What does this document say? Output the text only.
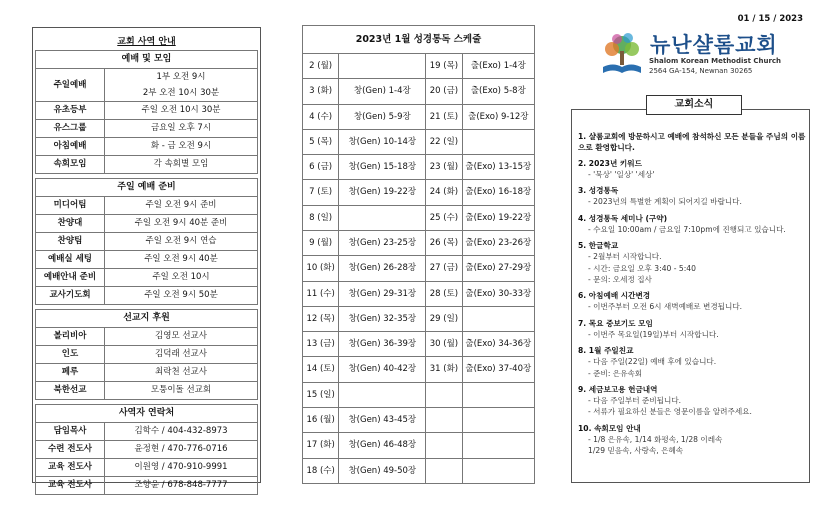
01 / 15 / 2023
교회 사역 안내
예배 및 모임	
주일예배	1부 오전 9시
2부 오전 10시 30분

유초등부	주일 오전 10시 30분

유스그룹	금요일 오후 7시

아침예배	화 - 금 오전 9시

속회모임	각 속회별 모임
주일 예배 준비	
미디어팀	주일 오전 9시 준비

찬양대	주일 오전 9시 40분 준비

찬양팀	주일 오전 9시 연습

예배실 세팅	주일 오전 9시 40분

예배안내 준비	주일 오전 10시

교사기도회	주일 오전 9시 50분
선교지 후원	
볼리비아	김영모 선교사

인도	김덕래 선교사

페루	최락천 선교사

북한선교	모퉁이돌 선교회
사역자 연락처	
담임목사	김학수 / 404-432-8973

수련 전도사	윤정현 / 470-776-0716

교육 전도사	이원영 / 470-910-9991

교육 전도사	조향윤 / 678-848-7777
2023년 1월 성경통독 스케줄			
2 (월)		19 (목)	출(Exo) 1-4장
3 (화)	창(Gen) 1-4장	20 (금)	출(Exo) 5-8장
4 (수)	창(Gen) 5-9장	21 (토)	출(Exo) 9-12장
5 (목)	창(Gen) 10-14장	22 (일)	
6 (금)	창(Gen) 15-18장	23 (월)	출(Exo) 13-15장
7 (토)	창(Gen) 19-22장	24 (화)	출(Exo) 16-18장
8 (일)		25 (수)	출(Exo) 19-22장
9 (월)	창(Gen) 23-25장	26 (목)	출(Exo) 23-26장
10 (화)	창(Gen) 26-28장	27 (금)	출(Exo) 27-29장
11 (수)	창(Gen) 29-31장	28 (토)	출(Exo) 30-33장
12 (목)	창(Gen) 32-35장	29 (일)	
13 (금)	창(Gen) 36-39장	30 (월)	출(Exo) 34-36장
14 (토)	창(Gen) 40-42장	31 (화)	출(Exo) 37-40장
15 (일)			
16 (월)	창(Gen) 43-45장		
17 (화)	창(Gen) 46-48장		
18 (수)	창(Gen) 49-50장		
뉴난샬롬교회
Shalom Korean Methodist Church
2564 GA-154, Newnan 30265
1. 샬롬교회에 방문하시고 예배에 참석하신 모든 분들을 주님의 이름으로 환영합니다.
2. 2023년 키워드
- '묵상' '일상' '세상'
3. 성경통독
- 2023년의 특별한 계획이 되어지길 바랍니다.
4. 성경통독 세미나 (구약)
- 수요일 10:00am / 금요일 7:10pm에 진행되고 있습니다.
5. 한글학교
- 2월부터 시작합니다.
- 시간: 금요일 오후 3:40 - 5:40
- 문의: 오세정 집사
6. 아침예배 시간변경
- 이번주부터 오전 6시 새벽예배로 변경됩니다.
7. 목요 중보기도 모임
- 이번주 목요일(19일)부터 시작합니다.
8. 1월 주일친교
- 다음 주일(22일) 예배 후에 있습니다.
- 준비: 은유속회
9. 세금보고용 헌금내역
- 다음 주일부터 준비됩니다.
- 서류가 필요하신 분들은 영문이름을 알려주세요.
10. 속회모임 안내
- 1/8 은유속, 1/14 화평속, 1/28 이레속
1/29 믿음속, 사랑속, 은혜속
교회소식
